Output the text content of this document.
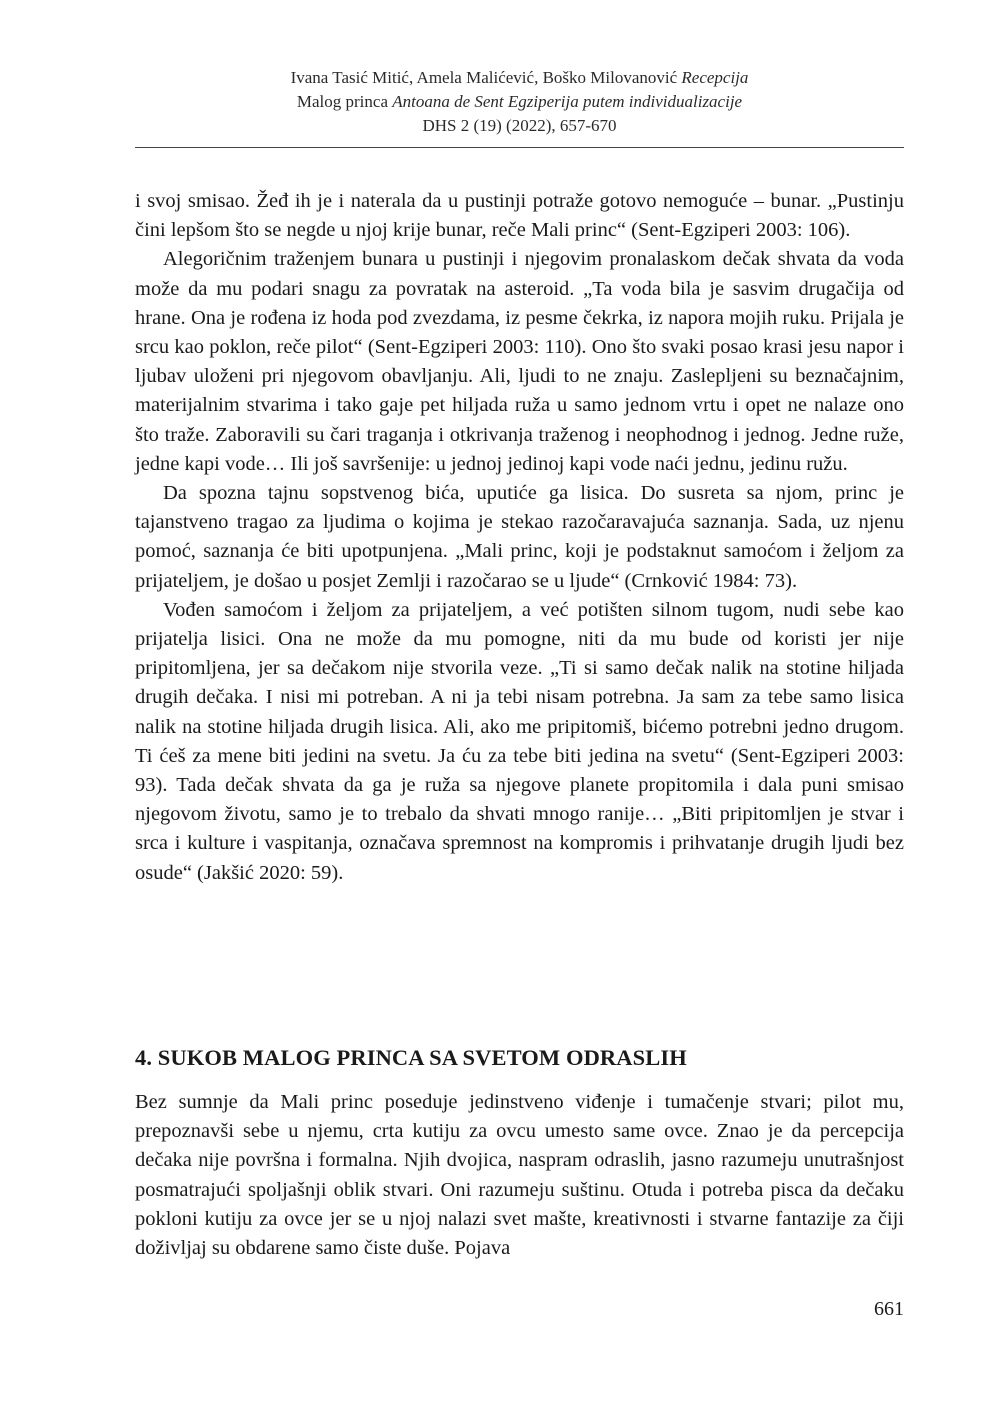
Ivana Tasić Mitić, Amela Malićević, Boško Milovanović Recepcija
Malog princa Antoana de Sent Egziperija putem individualizacije
DHS 2 (19) (2022), 657-670

i svoj smisao. Žeđ ih je i naterala da u pustinji potraže gotovo nemoguće – bunar. „Pustinju čini lepšom što se negde u njoj krije bunar, reče Mali princ“ (Sent-Egziperi 2003: 106).

Alegoričnim traženjem bunara u pustinji i njegovim pronalaskom dečak shvata da voda može da mu podari snagu za povratak na asteroid. „Ta voda bila je sasvim drugačija od hrane. Ona je rođena iz hoda pod zvezdama, iz pesme čekrka, iz napora mojih ruku. Prijala je srcu kao poklon, reče pilot“ (Sent-Egziperi 2003: 110). Ono što svaki posao krasi jesu napor i ljubav uloženi pri njegovom obavljanju. Ali, ljudi to ne znaju. Zaslepljeni su beznačajnim, materijalnim stvarima i tako gaje pet hiljada ruža u samo jednom vrtu i opet ne nalaze ono što traže. Zaboravili su čari traganja i otkrivanja traženog i neophodnog i jednog. Jedne ruže, jedne kapi vode… Ili još savršenije: u jednoj jedinoj kapi vode naći jednu, jedinu ružu.

Da spozna tajnu sopstvenog bića, uputiće ga lisica. Do susreta sa njom, princ je tajanstveno tragao za ljudima o kojima je stekao razočaravajuća saznanja. Sada, uz njenu pomoć, saznanja će biti upotpunjena. „Mali princ, koji je podstaknut samoćom i željom za prijateljem, je došao u posjet Zemlji i razočarao se u ljude“ (Crnković 1984: 73).

Vođen samoćom i željom za prijateljem, a već potišten silnom tugom, nudi sebe kao prijatelja lisici. Ona ne može da mu pomogne, niti da mu bude od koristi jer nije pripitomljena, jer sa dečakom nije stvorila veze. „Ti si samo dečak nalik na stotine hiljada drugih dečaka. I nisi mi potreban. A ni ja tebi nisam potrebna. Ja sam za tebe samo lisica nalik na stotine hiljada drugih lisica. Ali, ako me pripitomiš, bićemo potrebni jedno drugom. Ti ćeš za mene biti jedini na svetu. Ja ću za tebe biti jedina na svetu“ (Sent-Egziperi 2003: 93). Tada dečak shvata da ga je ruža sa njegove planete propitomila i dala puni smisao njegovom životu, samo je to trebalo da shvati mnogo ranije… „Biti pripitomljen je stvar i srca i kulture i vaspitanja, označava spremnost na kompromis i prihvatanje drugih ljudi bez osude“ (Jakšić 2020: 59).

4. SUKOB MALOG PRINCA SA SVETOM ODRASLIH

Bez sumnje da Mali princ poseduje jedinstveno viđenje i tumačenje stvari; pilot mu, prepoznavši sebe u njemu, crta kutiju za ovcu umesto same ovce. Znao je da percepcija dečaka nije površna i formalna. Njih dvojica, naspram odraslih, jasno razumeju unutrašnjost posmatrajući spoljašnji oblik stvari. Oni razumeju suštinu. Otuda i potreba pisca da dečaku pokloni kutiju za ovce jer se u njoj nalazi svet mašte, kreativnosti i stvarne fantazije za čiji doživljaj su obdarene samo čiste duše. Pojava

661
